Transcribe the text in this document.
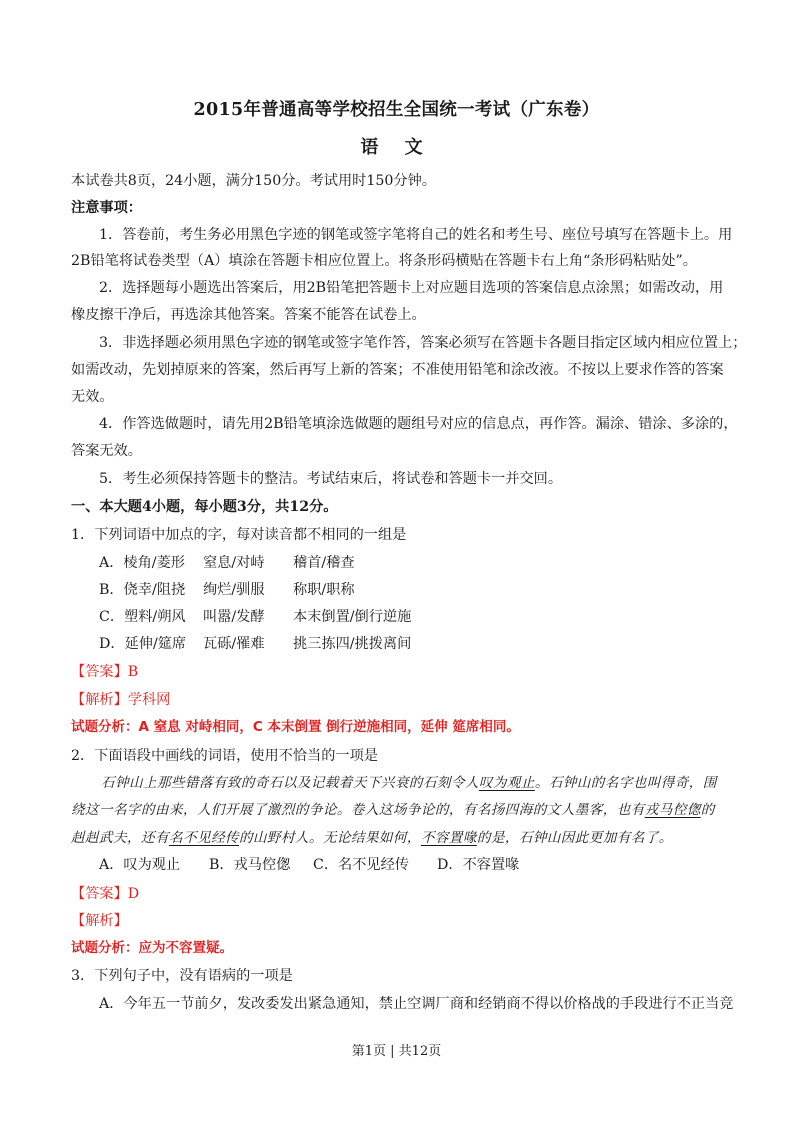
2015年普通高等学校招生全国统一考试（广东卷）
语 文
本试卷共8页，24小题，满分150分。考试用时150分钟。
注意事项：
1．答卷前，考生务必用黑色字迹的钢笔或签字笔将自己的姓名和考生号、座位号填写在答题卡上。用
2B铅笔将试卷类型（A）填涂在答题卡相应位置上。将条形码横贴在答题卡右上角“条形码粘贴处”。
2．选择题每小题选出答案后，用2B铅笔把答题卡上对应题目选项的答案信息点涂黑；如需改动，用
橡皮擦干净后，再选涂其他答案。答案不能答在试卷上。
3．非选择题必须用黑色字迹的钢笔或签字笔作答，答案必须写在答题卡各题目指定区域内相应位置上；
如需改动，先划掉原来的答案，然后再写上新的答案；不准使用铅笔和涂改液。不按以上要求作答的答案
无效。
4．作答选做题时，请先用2B铅笔填涂选做题的题组号对应的信息点，再作答。漏涂、错涂、多涂的，
答案无效。
5．考生必须保持答题卡的整洁。考试结束后，将试卷和答题卡一并交回。
一、本大题4小题，每小题3分，共12分。
1．下列词语中加点的字，每对读音都不相同的一组是
A．棱角/菱形 窒息/对峙 稽首/稽查
B．侥幸/阻挠 绚烂/驯服 称职/职称
C．塑料/朔风 叫嚣/发酵 本末倒置/倒行逆施
D．延伸/筵席 瓦砾/罹难 挑三拣四/挑拨离间
【答案】B
【解析】学科网
试题分析：A 窒息 对峙相同，C 本末倒置 倒行逆施相同，延伸 筵席相同。
2．下面语段中画线的词语，使用不恰当的一项是
石钟山上那些错落有致的奇石以及记载着天下兴衰的石刻令人叹为观止。石钟山的名字也叫得奇，围
绕这一名字的由来，人们开展了激烈的争论。卷入这场争论的，有名扬四海的文人墨客，也有戎马倥偬的
赳赳武夫，还有名不见经传的山野村人。无论结果如何，不容置喙的是，石钟山因此更加有名了。
A．叹为观止 B．戎马倥偬 C．名不见经传 D．不容置喙
【答案】D
【解析】
试题分析：应为不容置疑。
3．下列句子中，没有语病的一项是
A．今年五一节前夕，发改委发出紧急通知，禁止空调厂商和经销商不得以价格战的手段进行不正当竞
第1页 | 共12页
